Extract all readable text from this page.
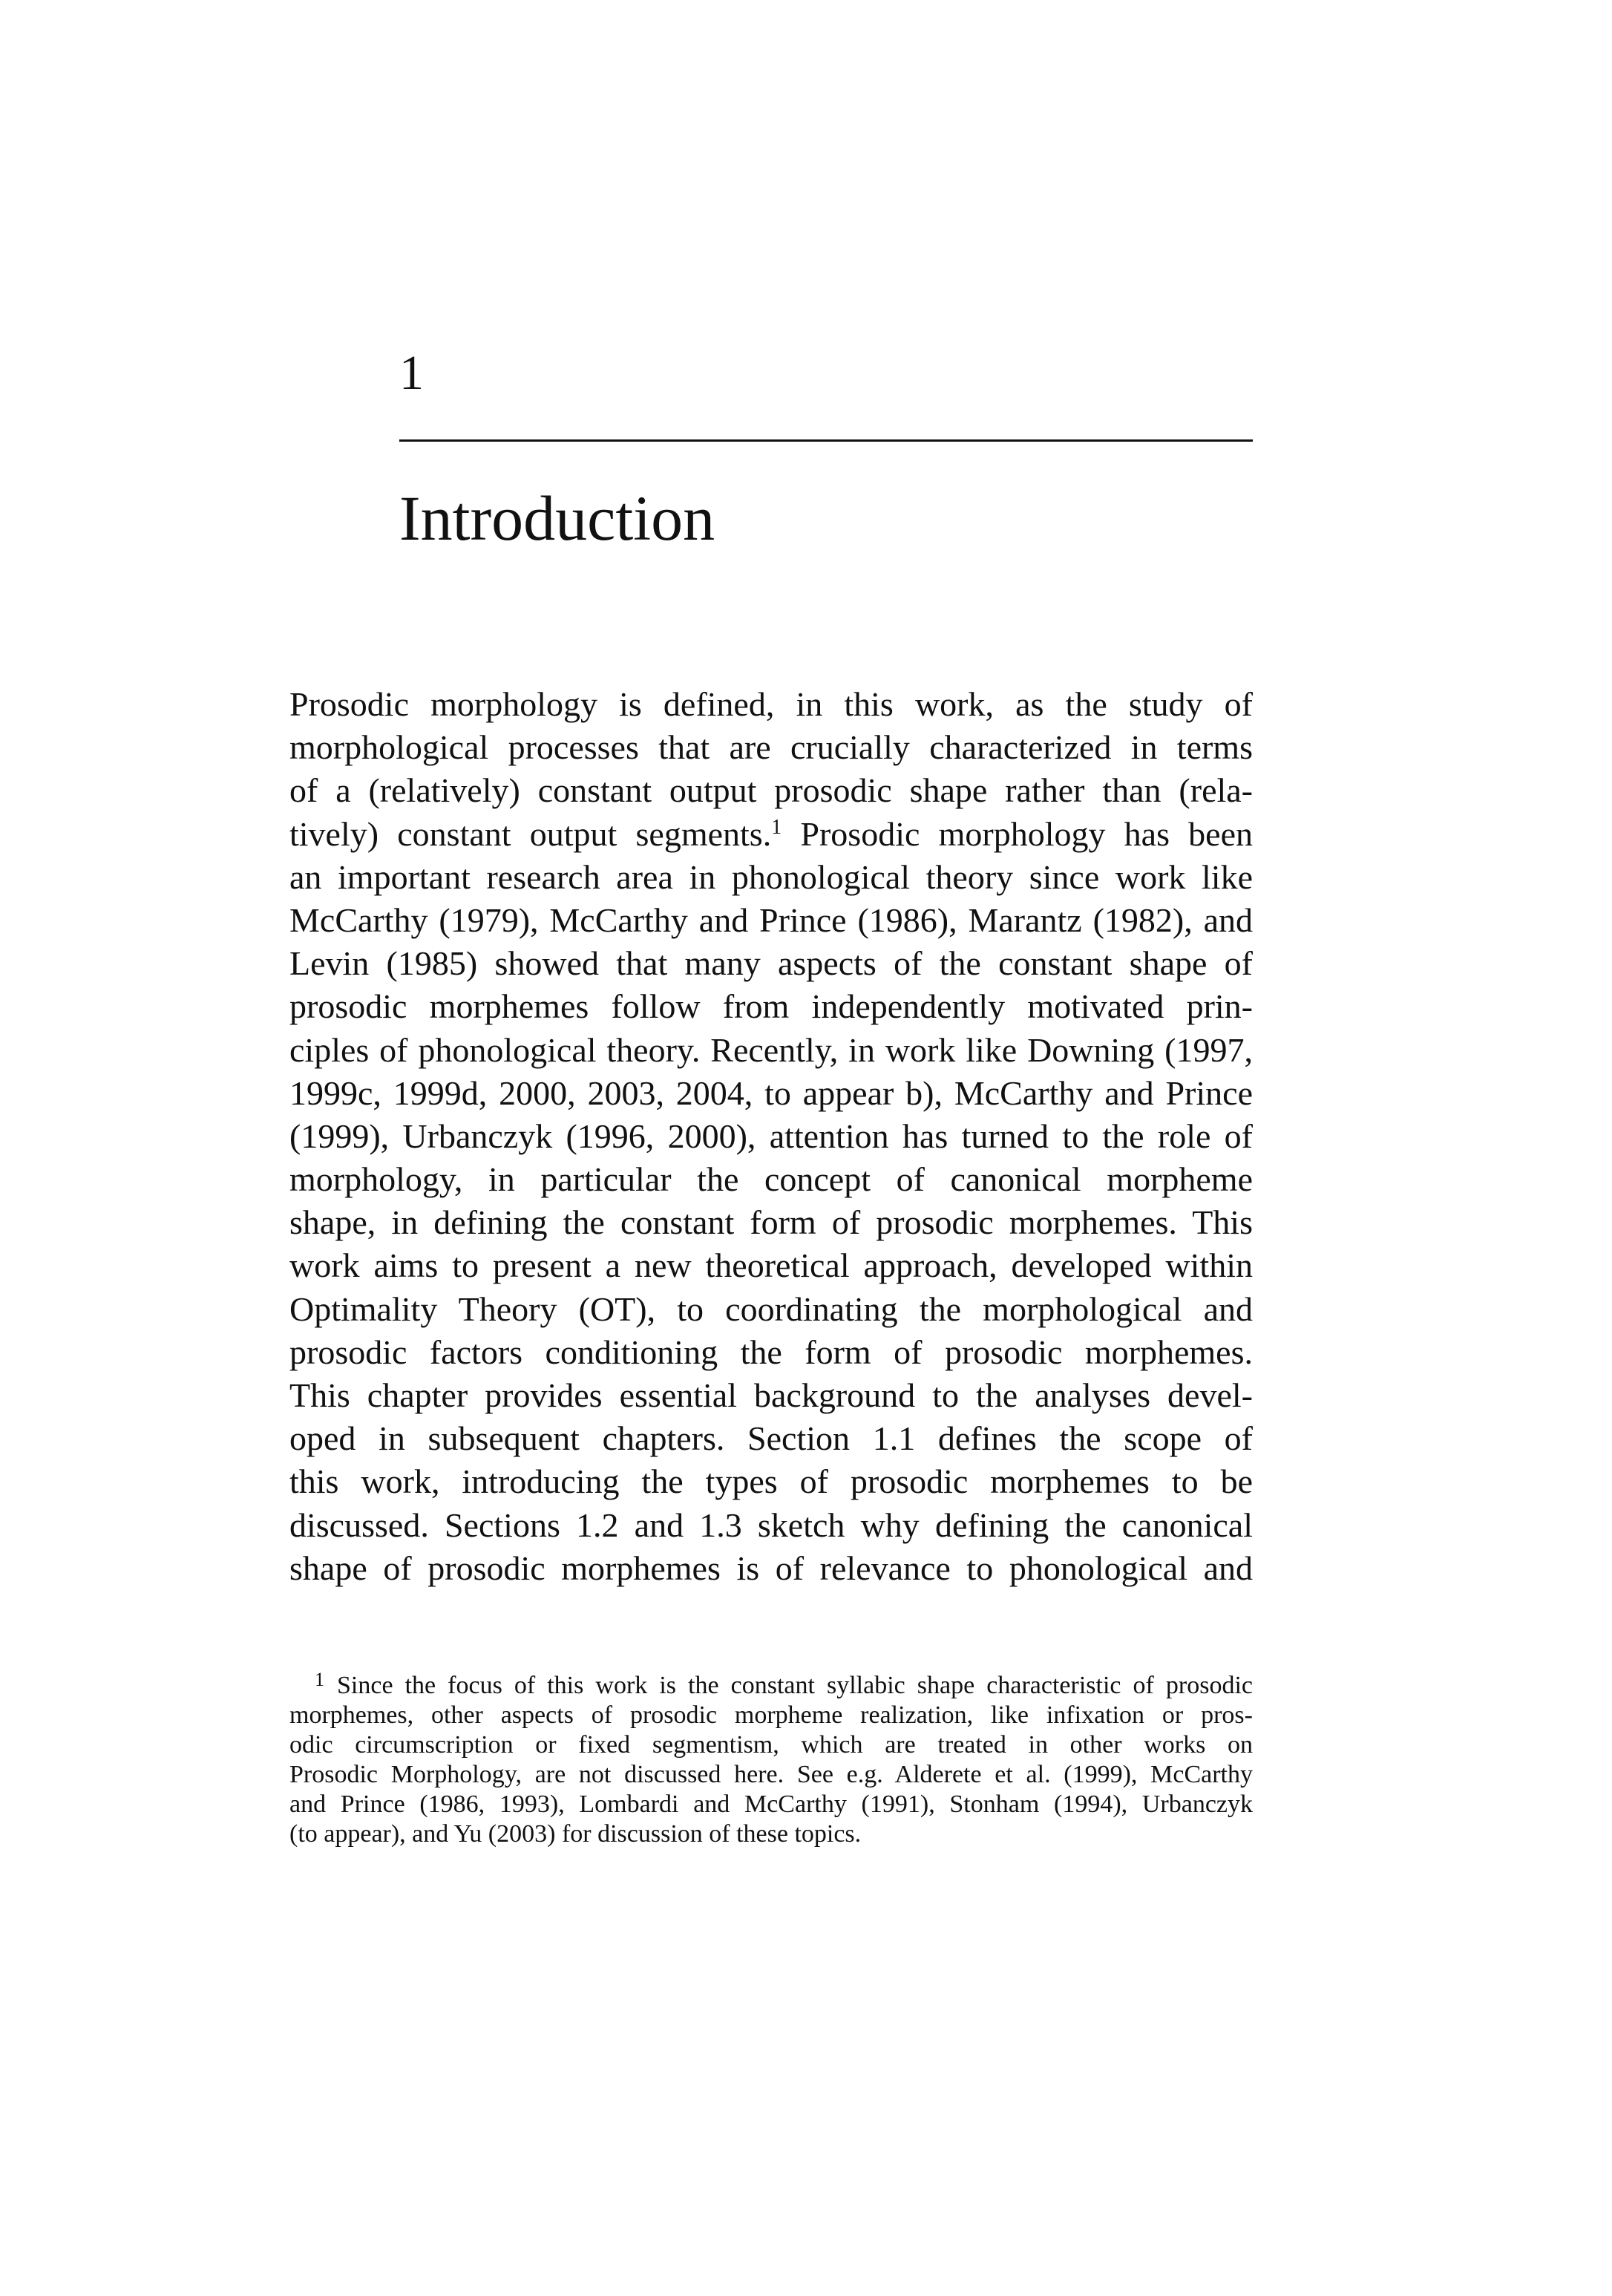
1
Introduction
Prosodic morphology is defined, in this work, as the study of
morphological processes that are crucially characterized in terms
of a (relatively) constant output prosodic shape rather than (rela-
tively) constant output segments.$^1$ Prosodic morphology has been
an important research area in phonological theory since work like
McCarthy (1979), McCarthy and Prince (1986), Marantz (1982), and
Levin (1985) showed that many aspects of the constant shape of
prosodic morphemes follow from independently motivated prin-
ciples of phonological theory. Recently, in work like Downing (1997,
1999c, 1999d, 2000, 2003, 2004, to appear b), McCarthy and Prince
(1999), Urbanczyk (1996, 2000), attention has turned to the role of
morphology, in particular the concept of canonical morpheme
shape, in defining the constant form of prosodic morphemes. This
work aims to present a new theoretical approach, developed within
Optimality Theory (OT), to coordinating the morphological and
prosodic factors conditioning the form of prosodic morphemes.
This chapter provides essential background to the analyses devel-
oped in subsequent chapters. Section 1.1 defines the scope of
this work, introducing the types of prosodic morphemes to be
discussed. Sections 1.2 and 1.3 sketch why defining the canonical
shape of prosodic morphemes is of relevance to phonological and
1 Since the focus of this work is the constant syllabic shape characteristic of prosodic
morphemes, other aspects of prosodic morpheme realization, like infixation or pros-
odic circumscription or fixed segmentism, which are treated in other works on
Prosodic Morphology, are not discussed here. See e.g. Alderete et al. (1999), McCarthy
and Prince (1986, 1993), Lombardi and McCarthy (1991), Stonham (1994), Urbanczyk
(to appear), and Yu (2003) for discussion of these topics.
